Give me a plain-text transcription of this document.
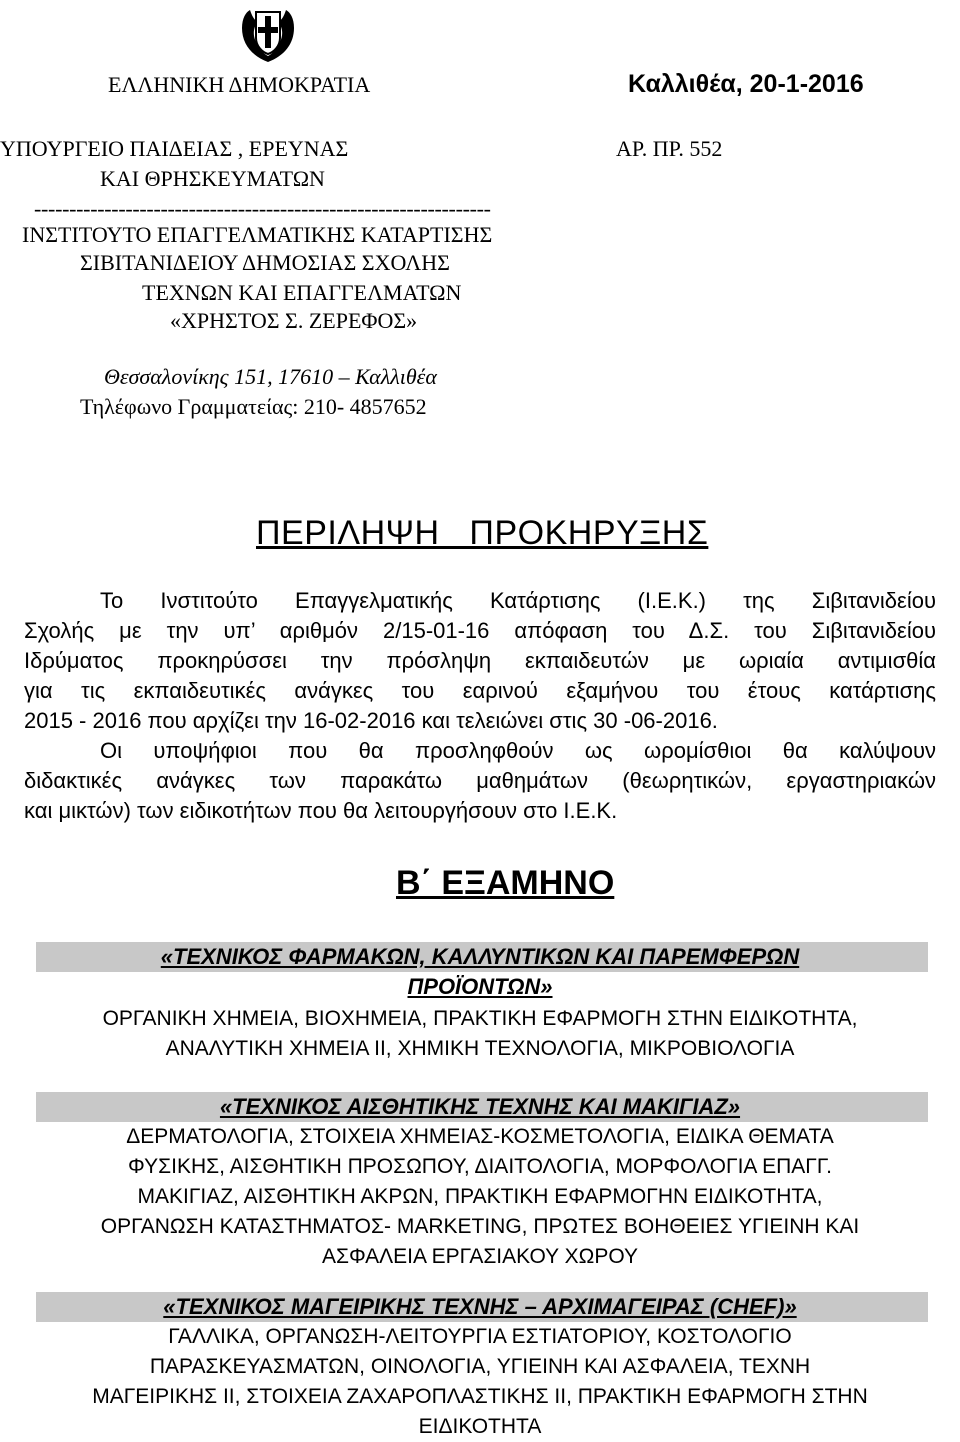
ΕΛΛΗΝΙΚΗ ΔΗΜΟΚΡΑΤΙΑ	Καλλιθέα, 20-1-2016
ΥΠΟΥΡΓΕΙΟ ΠΑΙΔΕΙΑΣ , ΕΡΕΥΝΑΣ	ΑΡ. ΠΡ. 552
ΚΑΙ ΘΡΗΣΚΕΥΜΑΤΩΝ
-----------------------------------------------------------------
ΙΝΣΤΙΤΟΥΤΟ ΕΠΑΓΓΕΛΜΑΤΙΚΗΣ ΚΑΤΑΡΤΙΣΗΣ
ΣΙΒΙΤΑΝΙΔΕΙΟΥ ΔΗΜΟΣΙΑΣ ΣΧΟΛΗΣ
ΤΕΧΝΩΝ ΚΑΙ ΕΠΑΓΓΕΛΜΑΤΩΝ
«ΧΡΗΣΤΟΣ Σ. ΖΕΡΕΦΟΣ»
Θεσσαλονίκης 151, 17610 – Καλλιθέα
Τηλέφωνο Γραμματείας: 210- 4857652
ΠΕΡΙΛΗΨΗ   ΠΡΟΚΗΡΥΞΗΣ
Το Ινστιτούτο Επαγγελματικής Κατάρτισης (Ι.Ε.Κ.) της Σιβιτανιδείου
Σχολής με την υπ’ αριθμόν 2/15-01-16 απόφαση του Δ.Σ. του Σιβιτανιδείου
Ιδρύματος προκηρύσσει την πρόσληψη εκπαιδευτών με ωριαία αντιμισθία
για τις εκπαιδευτικές ανάγκες του εαρινού εξαμήνου του έτους κατάρτισης
2015 - 2016 που αρχίζει την 16-02-2016 και τελειώνει στις 30 -06-2016.
Οι υποψήφιοι που θα προσληφθούν ως ωρομίσθιοι θα καλύψουν
διδακτικές ανάγκες των παρακάτω μαθημάτων (θεωρητικών, εργαστηριακών
και μικτών) των ειδικοτήτων που θα λειτουργήσουν στο Ι.Ε.Κ.
Β΄ ΕΞΑΜΗΝΟ
«ΤΕΧΝΙΚΟΣ ΦΑΡΜΑΚΩΝ, ΚΑΛΛΥΝΤΙΚΩΝ ΚΑΙ ΠΑΡΕΜΦΕΡΩΝ
ΠΡΟΪΟΝΤΩΝ»
ΟΡΓΑΝΙΚΗ ΧΗΜΕΙΑ, ΒΙΟΧΗΜΕΙΑ, ΠΡΑΚΤΙΚΗ ΕΦΑΡΜΟΓΗ ΣΤΗΝ ΕΙΔΙΚΟΤΗΤΑ,
ΑΝΑΛΥΤΙΚΗ ΧΗΜΕΙΑ ΙΙ, ΧΗΜΙΚΗ ΤΕΧΝΟΛΟΓΙΑ, ΜΙΚΡΟΒΙΟΛΟΓΙΑ
«ΤΕΧΝΙΚΟΣ ΑΙΣΘΗΤΙΚΗΣ ΤΕΧΝΗΣ ΚΑΙ ΜΑΚΙΓΙΑΖ»
ΔΕΡΜΑΤΟΛΟΓΙΑ, ΣΤΟΙΧΕΙΑ ΧΗΜΕΙΑΣ-ΚΟΣΜΕΤΟΛΟΓΙΑ, ΕΙΔΙΚΑ ΘΕΜΑΤΑ
ΦΥΣΙΚΗΣ, ΑΙΣΘΗΤΙΚΗ ΠΡΟΣΩΠΟΥ, ΔΙΑΙΤΟΛΟΓΙΑ, ΜΟΡΦΟΛΟΓΙΑ ΕΠΑΓΓ.
ΜΑΚΙΓΙΑΖ, ΑΙΣΘΗΤΙΚΗ ΑΚΡΩΝ, ΠΡΑΚΤΙΚΗ ΕΦΑΡΜΟΓΗΝ ΕΙΔΙΚΟΤΗΤΑ,
ΟΡΓΑΝΩΣΗ ΚΑΤΑΣΤΗΜΑΤΟΣ- MARKETING, ΠΡΩΤΕΣ ΒΟΗΘΕΙΕΣ ΥΓΙΕΙΝΗ ΚΑΙ
ΑΣΦΑΛΕΙΑ ΕΡΓΑΣΙΑΚΟΥ ΧΩΡΟΥ
«ΤΕΧΝΙΚΟΣ ΜΑΓΕΙΡΙΚΗΣ ΤΕΧΝΗΣ – ΑΡΧΙΜΑΓΕΙΡΑΣ (CHEF)»
ΓΑΛΛΙΚΑ, ΟΡΓΑΝΩΣΗ-ΛΕΙΤΟΥΡΓΙΑ ΕΣΤΙΑΤΟΡΙΟΥ, ΚΟΣΤΟΛΟΓΙΟ
ΠΑΡΑΣΚΕΥΑΣΜΑΤΩΝ, ΟΙΝΟΛΟΓΙΑ, ΥΓΙΕΙΝΗ ΚΑΙ ΑΣΦΑΛΕΙΑ, ΤΕΧΝΗ
ΜΑΓΕΙΡΙΚΗΣ ΙΙ, ΣΤΟΙΧΕΙΑ ΖΑΧΑΡΟΠΛΑΣΤΙΚΗΣ ΙΙ, ΠΡΑΚΤΙΚΗ ΕΦΑΡΜΟΓΗ ΣΤΗΝ
ΕΙΔΙΚΟΤΗΤΑ
